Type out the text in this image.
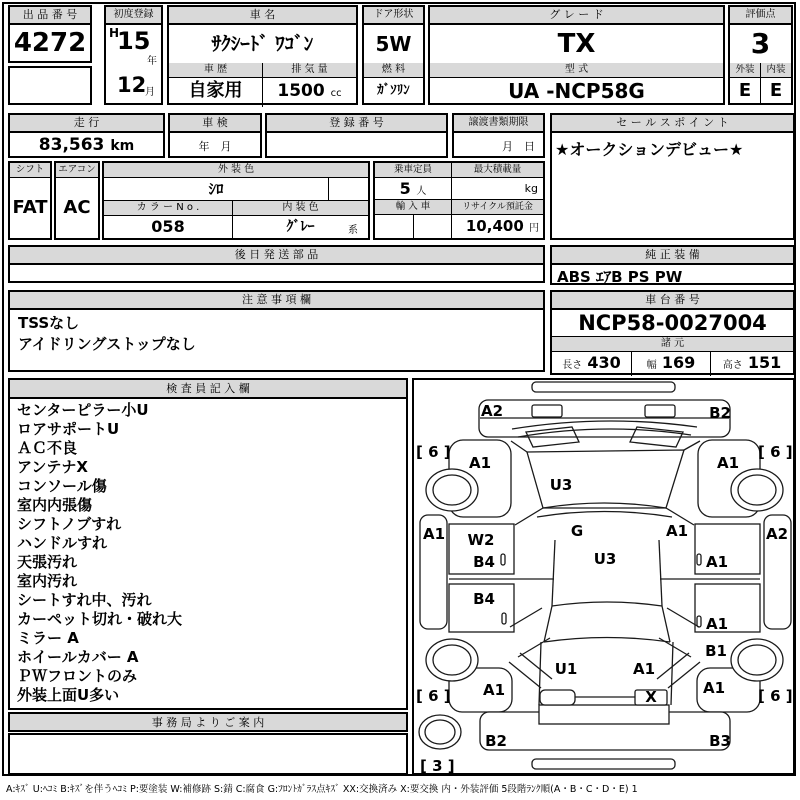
出 品 番 号
4272
初度登録
H
15
年
12
月
車 名
ｻｸｼｰﾄﾞ ﾜｺﾞﾝ
車 歴
自家用
排 気 量
1500 cc
ドア形状
5W
燃 料
ｶﾞｿﾘﾝ
グ レ ー ド
TX
型 式
UA -NCP58G
評価点
3
外装
E
内装
E
走 行
83,563 km
車 検
年　月
登 録 番 号	譲渡書類期限
月　日
セ ー ル ス ポ イ ン ト
★オークションデビュー★
シフト
FAT
エアコン
AC
外 装 色
ｼﾛ
カ ラ ー N o .	内 装 色
058	ｸﾞﾚｰ	系
乗車定員
5 人
輸 入 車
最大積載量
kg
リサイクル預託金
10,400 円
後 日 発 送 部 品	純 正 装 備
ABS ｴｱB PS PW
注 意 事 項 欄
TSSなし
アイドリングストップなし
車 台 番 号
NCP58-0027004
諸 元
長さ 430	幅 169	高さ 151
検 査 員 記 入 欄
センターピラー小U
ロアサポートU
ＡＣ不良
アンテナX
コンソール傷
室内内張傷
シフトノブすれ
ハンドルすれ
天張汚れ
室内汚れ
シートすれ中、汚れ
カーペット切れ・破れ大
ミラー A
ホイールカバー A
ＰＷフロントのみ
外装上面U多い
事 務 局 よ り ご 案 内
A2	B2
A1	A1
U3
G	A1
A1	A2
W2
B4
B4
A1
A1
U3
B1
U1	A1
A1	A1
X
B2	B3
[ 6 ]	[ 6 ]
[ 6 ]	[ 6 ]
[ 3 ]
A:ｷｽﾞ U:ﾍｺﾐ B:ｷｽﾞを伴うﾍｺﾐ P:要塗装 W:補修跡 S:錆 C:腐食 G:ﾌﾛﾝﾄｶﾞﾗｽ点ｷｽﾞ XX:交換済み X:要交換 内・外装評価 5段階ﾗﾝｸ順(A・B・C・D・E) 1
